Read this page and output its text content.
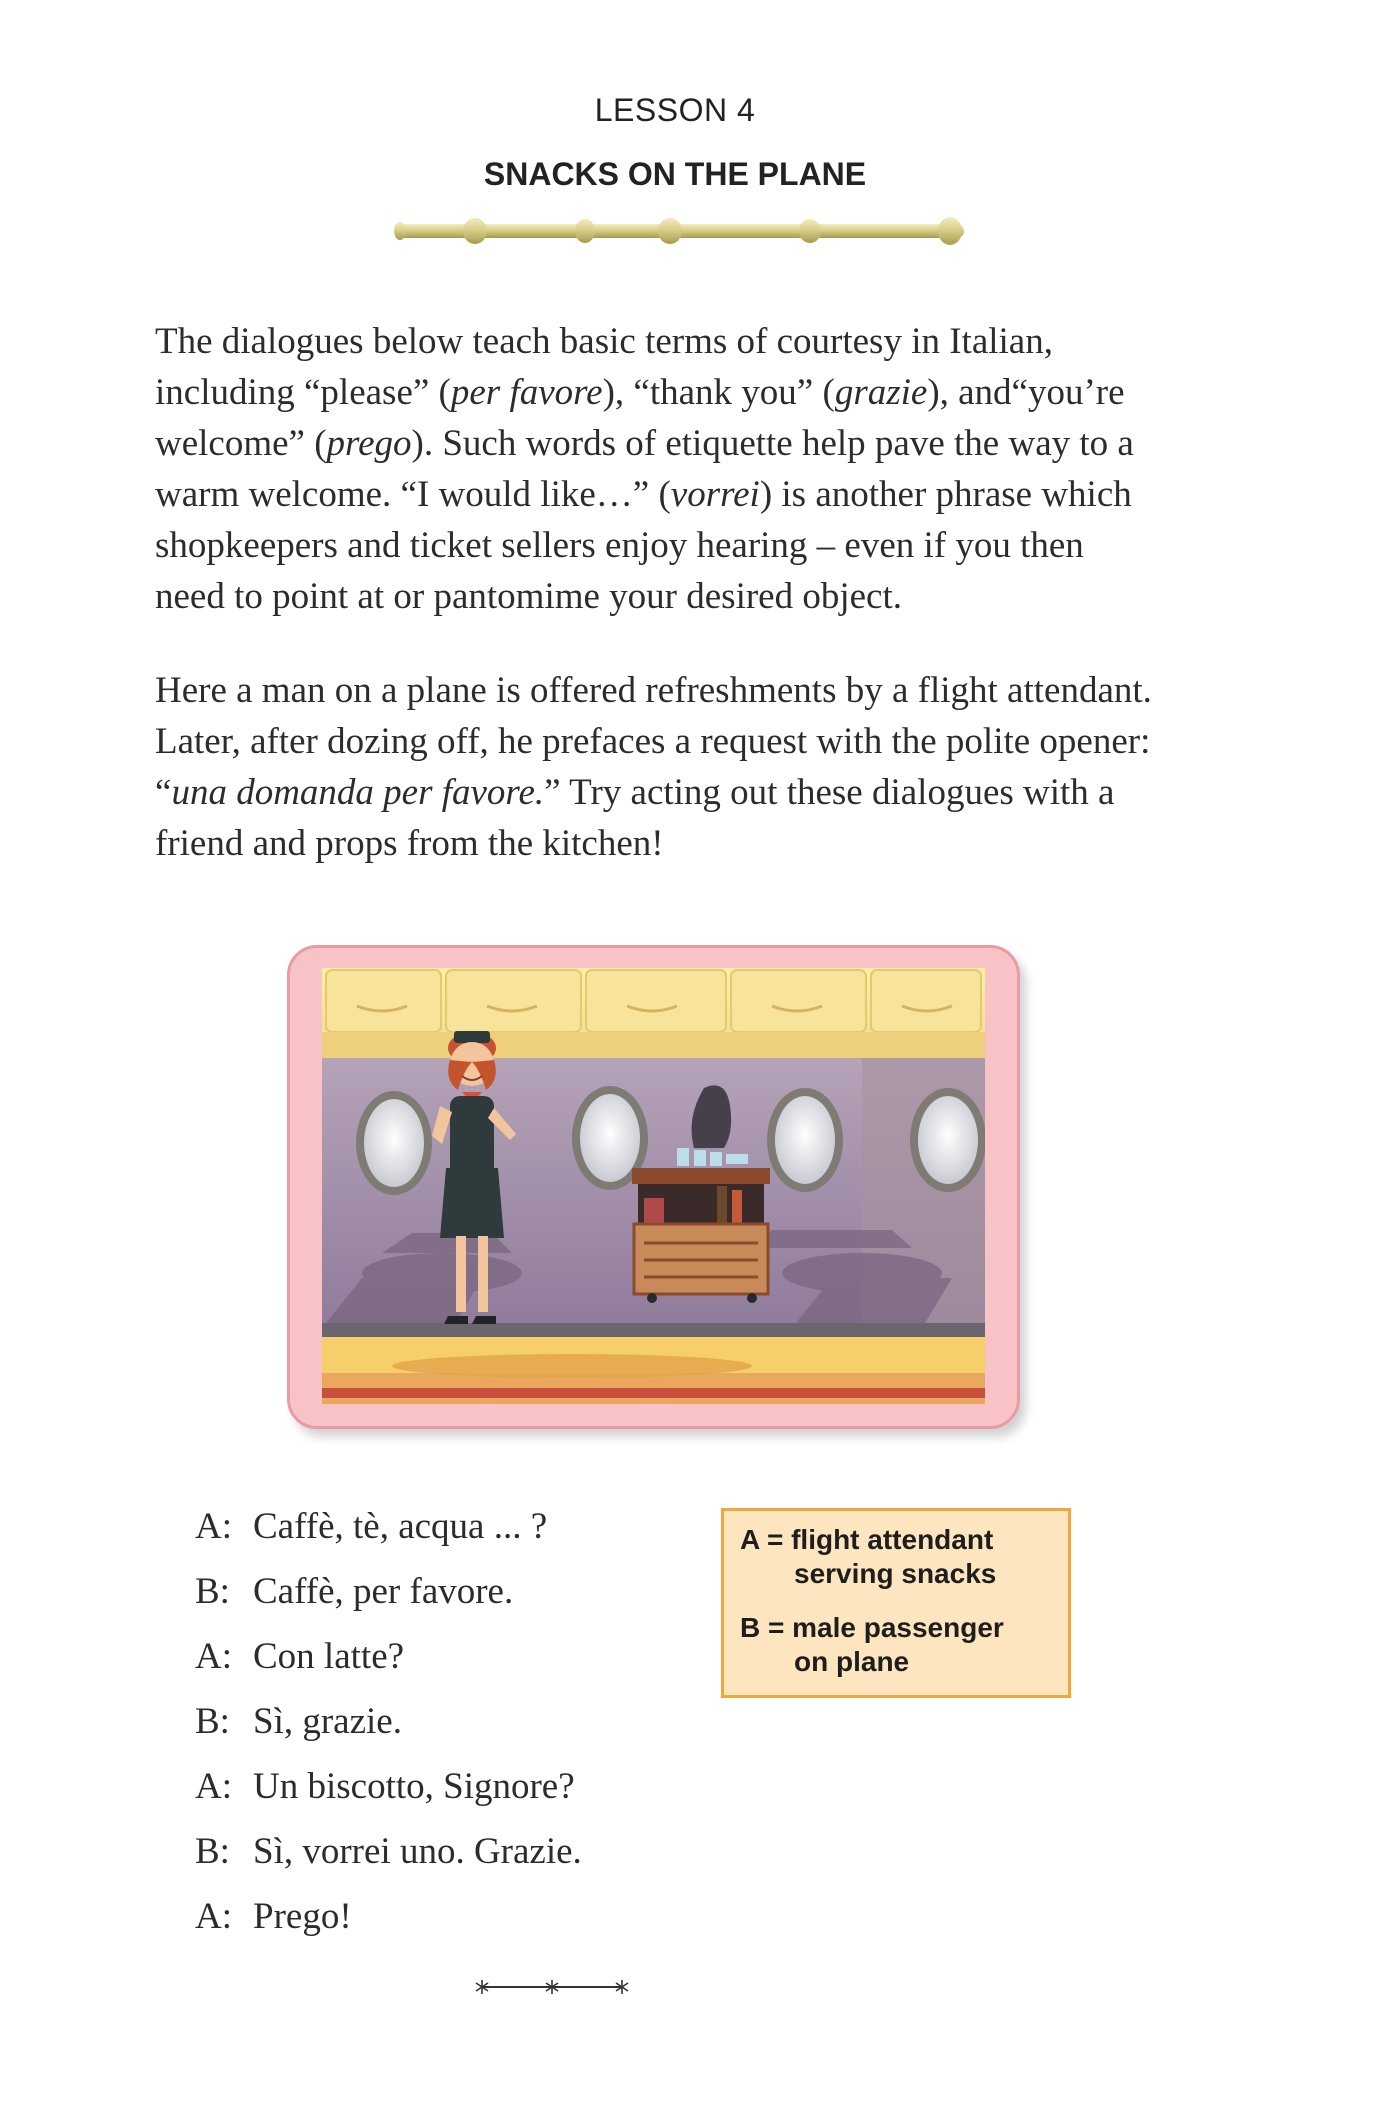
LESSON 4
SNACKS ON THE PLANE
The dialogues below teach basic terms of courtesy in Italian, including “please” (per favore), “thank you” (grazie), and“you’re welcome” (prego). Such words of etiquette help pave the way to a warm welcome. “I would like…” (vorrei) is another phrase which shopkeepers and ticket sellers enjoy hearing – even if you then need to point at or pantomime your desired object.
Here a man on a plane is offered refreshments by a flight attendant. Later, after dozing off, he prefaces a request with the polite opener: “una domanda per favore.” Try acting out these dialogues with a friend and props from the kitchen!
A: Caffè, tè, acqua ... ?
B: Caffè, per favore.
A: Con latte?
B: Sì, grazie.
A: Un biscotto, Signore?
B: Sì, vorrei uno. Grazie.
A: Prego!
A = flight attendant
serving snacks
B = male passenger
on plane
